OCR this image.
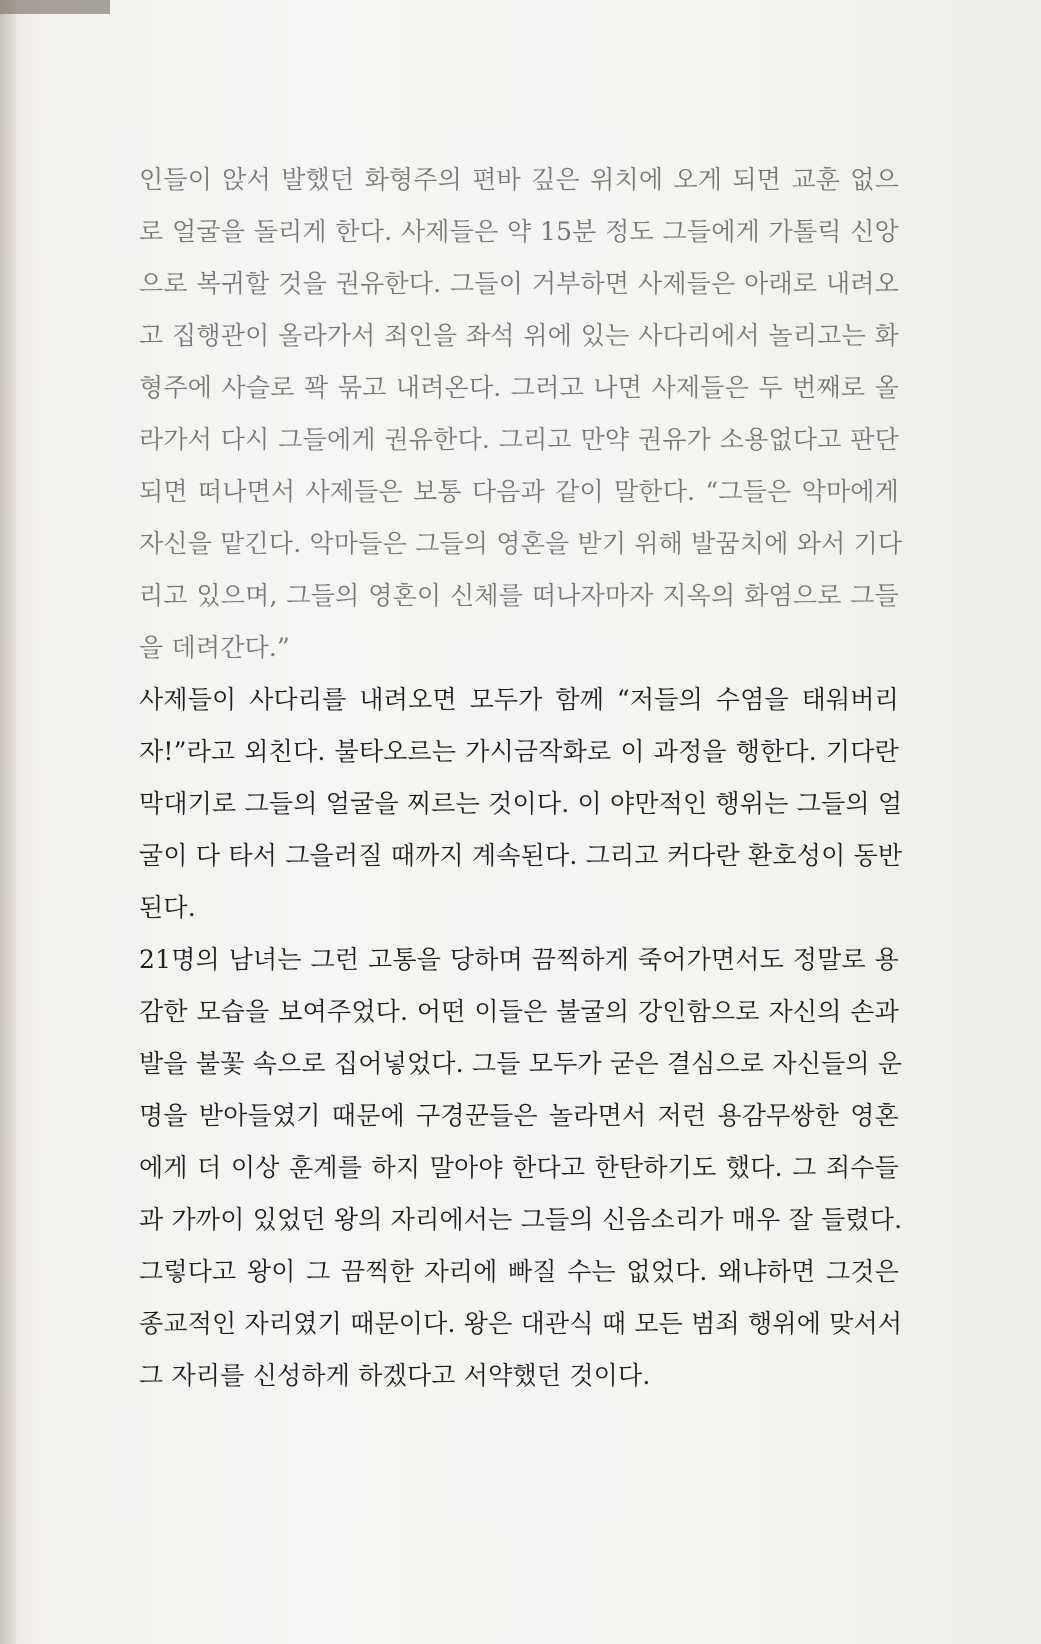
인들이 앉서 발했던 화형주의 편바 깊은 위치에 오게 되면 교훈 없으
로 얼굴을 돌리게 한다. 사제들은 약 15분 정도 그들에게 가톨릭 신앙
으로 복귀할 것을 권유한다. 그들이 거부하면 사제들은 아래로 내려오
고 집행관이 올라가서 죄인을 좌석 위에 있는 사다리에서 놀리고는 화
형주에 사슬로 꽉 묶고 내려온다. 그러고 나면 사제들은 두 번째로 올
라가서 다시 그들에게 권유한다. 그리고 만약 권유가 소용없다고 판단
되면 떠나면서 사제들은 보통 다음과 같이 말한다. “그들은 악마에게
자신을 맡긴다. 악마들은 그들의 영혼을 받기 위해 발꿈치에 와서 기다
리고 있으며, 그들의 영혼이 신체를 떠나자마자 지옥의 화염으로 그들
을 데려간다.”
사제들이 사다리를 내려오면 모두가 함께 “저들의 수염을 태워버리
자!”라고 외친다. 불타오르는 가시금작화로 이 과정을 행한다. 기다란
막대기로 그들의 얼굴을 찌르는 것이다. 이 야만적인 행위는 그들의 얼
굴이 다 타서 그을러질 때까지 계속된다. 그리고 커다란 환호성이 동반
된다.
21명의 남녀는 그런 고통을 당하며 끔찍하게 죽어가면서도 정말로 용
감한 모습을 보여주었다. 어떤 이들은 불굴의 강인함으로 자신의 손과
발을 불꽃 속으로 집어넣었다. 그들 모두가 굳은 결심으로 자신들의 운
명을 받아들였기 때문에 구경꾼들은 놀라면서 저런 용감무쌍한 영혼
에게 더 이상 훈계를 하지 말아야 한다고 한탄하기도 했다. 그 죄수들
과 가까이 있었던 왕의 자리에서는 그들의 신음소리가 매우 잘 들렸다.
그렇다고 왕이 그 끔찍한 자리에 빠질 수는 없었다. 왜냐하면 그것은
종교적인 자리였기 때문이다. 왕은 대관식 때 모든 범죄 행위에 맞서서
그 자리를 신성하게 하겠다고 서약했던 것이다.
